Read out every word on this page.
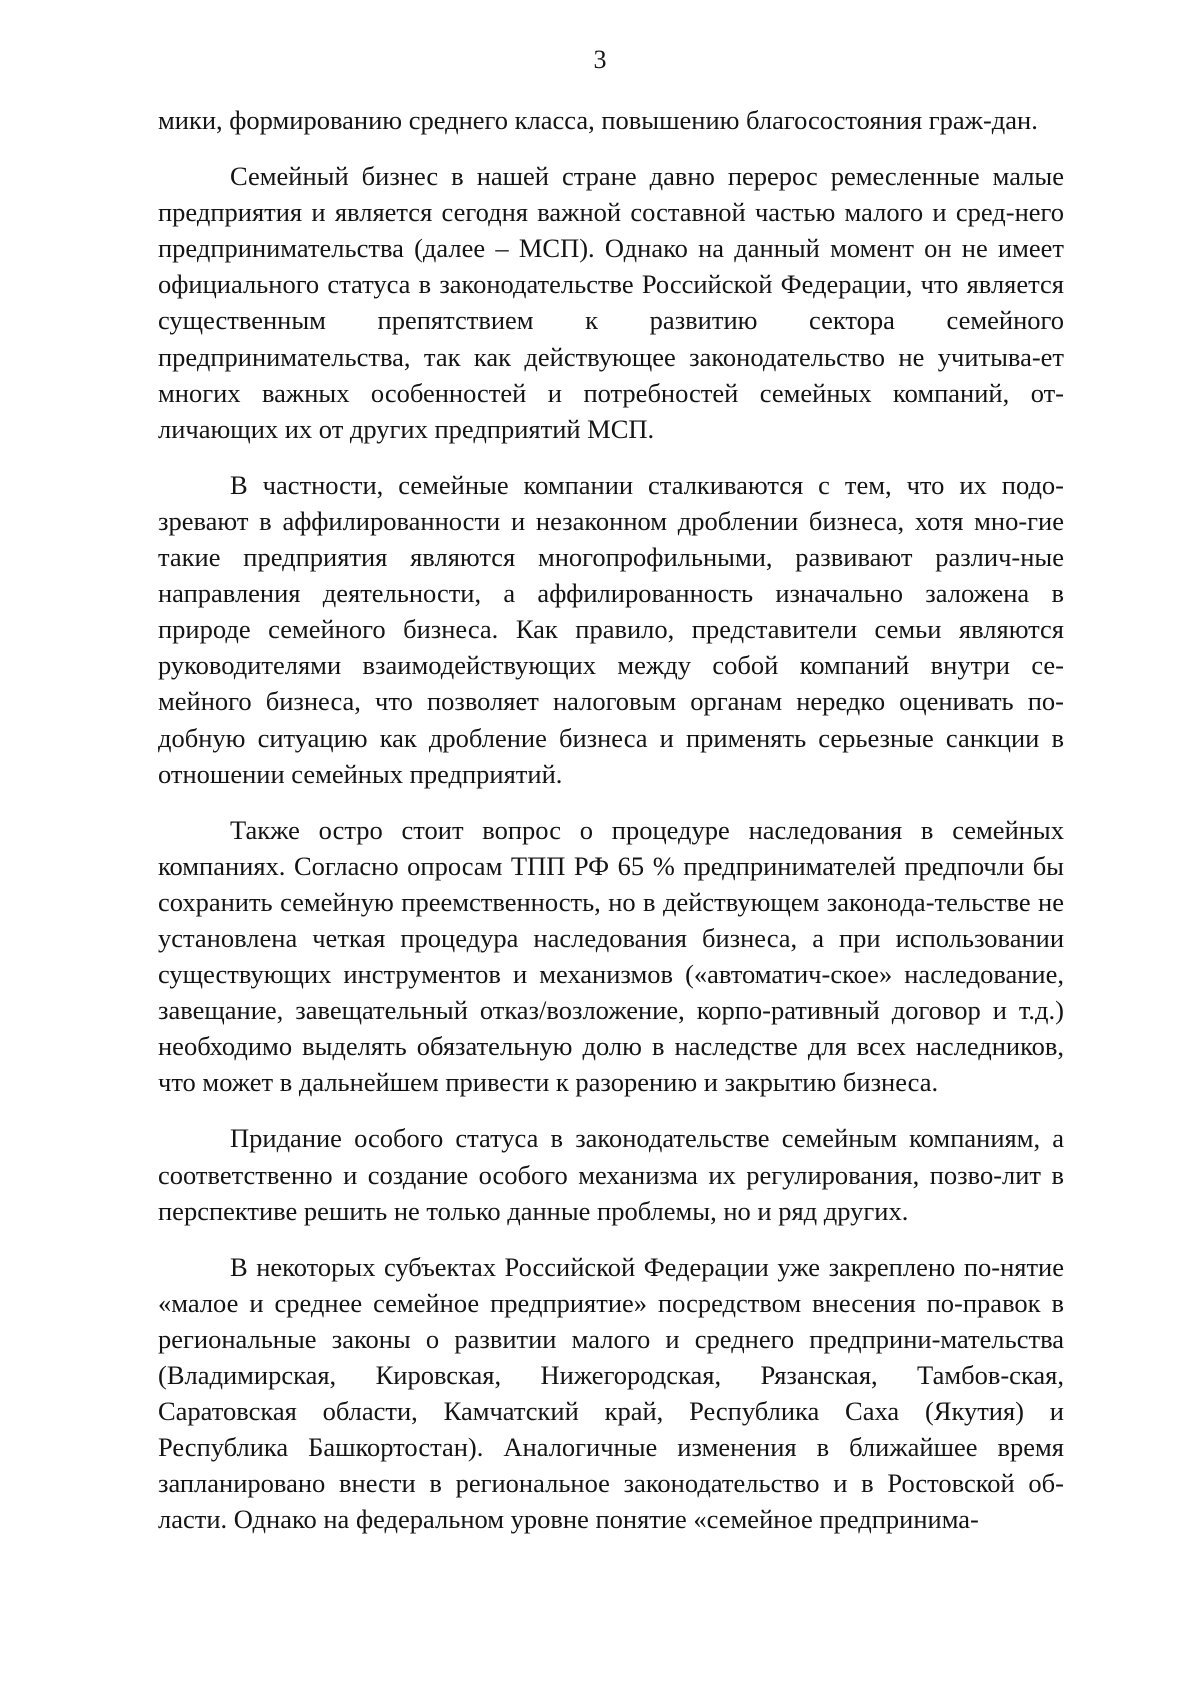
3

мики, формированию среднего класса, повышению благосостояния граж-дан.

Семейный бизнес в нашей стране давно перерос ремесленные малые предприятия и является сегодня важной составной частью малого и сред-него предпринимательства (далее – МСП). Однако на данный момент он не имеет официального статуса в законодательстве Российской Федерации, что является существенным препятствием к развитию сектора семейного предпринимательства, так как действующее законодательство не учитыва-ет многих важных особенностей и потребностей семейных компаний, от-личающих их от других предприятий МСП.

В частности, семейные компании сталкиваются с тем, что их подо-зревают в аффилированности и незаконном дроблении бизнеса, хотя мно-гие такие предприятия являются многопрофильными, развивают различ-ные направления деятельности, а аффилированность изначально заложена в природе семейного бизнеса. Как правило, представители семьи являются руководителями взаимодействующих между собой компаний внутри се-мейного бизнеса, что позволяет налоговым органам нередко оценивать по-добную ситуацию как дробление бизнеса и применять серьезные санкции в отношении семейных предприятий.

Также остро стоит вопрос о процедуре наследования в семейных компаниях. Согласно опросам ТПП РФ 65 % предпринимателей предпочли бы сохранить семейную преемственность, но в действующем законода-тельстве не установлена четкая процедура наследования бизнеса, а при использовании существующих инструментов и механизмов («автоматич-ское» наследование, завещание, завещательный отказ/возложение, корпо-ративный договор и т.д.) необходимо выделять обязательную долю в наследстве для всех наследников, что может в дальнейшем привести к разорению и закрытию бизнеса.

Придание особого статуса в законодательстве семейным компаниям, а соответственно и создание особого механизма их регулирования, позво-лит в перспективе решить не только данные проблемы, но и ряд других.

В некоторых субъектах Российской Федерации уже закреплено по-нятие «малое и среднее семейное предприятие» посредством внесения по-правок в региональные законы о развитии малого и среднего предприни-мательства (Владимирская, Кировская, Нижегородская, Рязанская, Тамбов-ская, Саратовская области, Камчатский край, Республика Саха (Якутия) и Республика Башкортостан). Аналогичные изменения в ближайшее время запланировано внести в региональное законодательство и в Ростовской об-ласти. Однако на федеральном уровне понятие «семейное предпринима-
